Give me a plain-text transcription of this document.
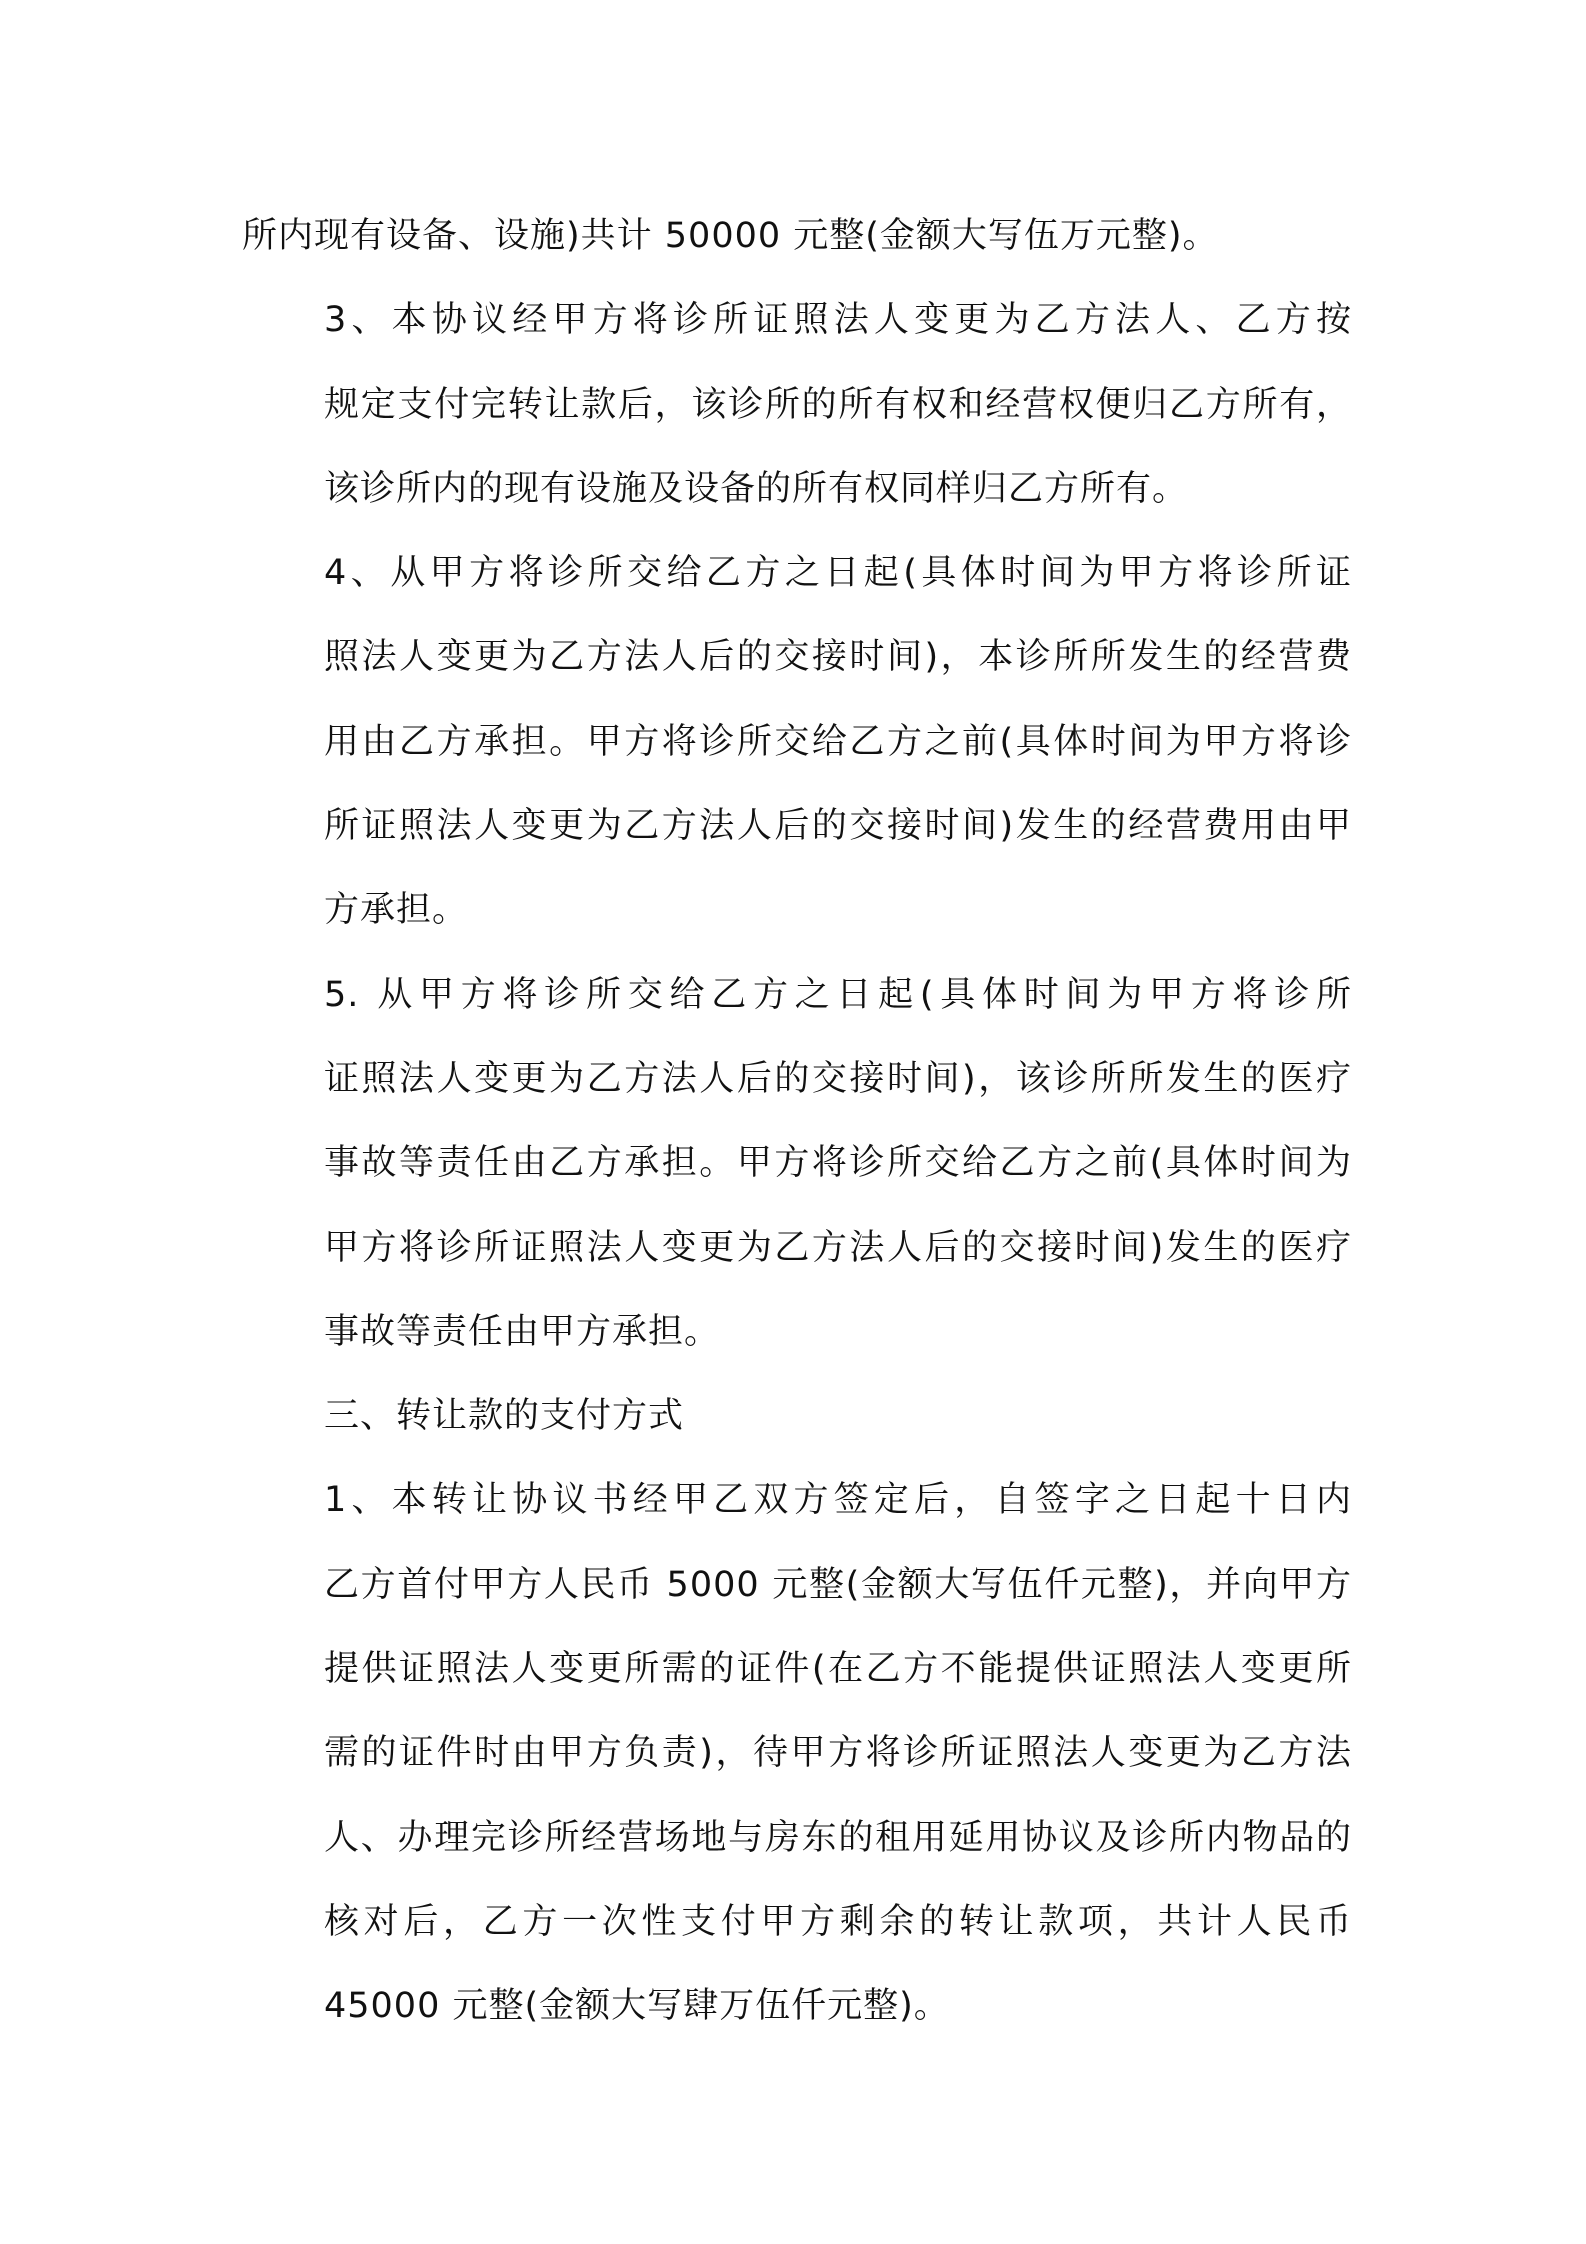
所内现有设备、设施)共计 50000 元整(金额大写伍万元整)。

3、本协议经甲方将诊所证照法人变更为乙方法人、乙方按
规定支付完转让款后，该诊所的所有权和经营权便归乙方所有，
该诊所内的现有设施及设备的所有权同样归乙方所有。

4、从甲方将诊所交给乙方之日起(具体时间为甲方将诊所证
照法人变更为乙方法人后的交接时间)，本诊所所发生的经营费
用由乙方承担。甲方将诊所交给乙方之前(具体时间为甲方将诊
所证照法人变更为乙方法人后的交接时间)发生的经营费用由甲
方承担。

5. 从甲方将诊所交给乙方之日起(具体时间为甲方将诊所
证照法人变更为乙方法人后的交接时间)，该诊所所发生的医疗
事故等责任由乙方承担。甲方将诊所交给乙方之前(具体时间为
甲方将诊所证照法人变更为乙方法人后的交接时间)发生的医疗
事故等责任由甲方承担。

三、转让款的支付方式

1、本转让协议书经甲乙双方签定后，自签字之日起十日内
乙方首付甲方人民币 5000 元整(金额大写伍仟元整)，并向甲方
提供证照法人变更所需的证件(在乙方不能提供证照法人变更所
需的证件时由甲方负责)，待甲方将诊所证照法人变更为乙方法
人、办理完诊所经营场地与房东的租用延用协议及诊所内物品的
核对后，乙方一次性支付甲方剩余的转让款项，共计人民币
45000 元整(金额大写肆万伍仟元整)。
